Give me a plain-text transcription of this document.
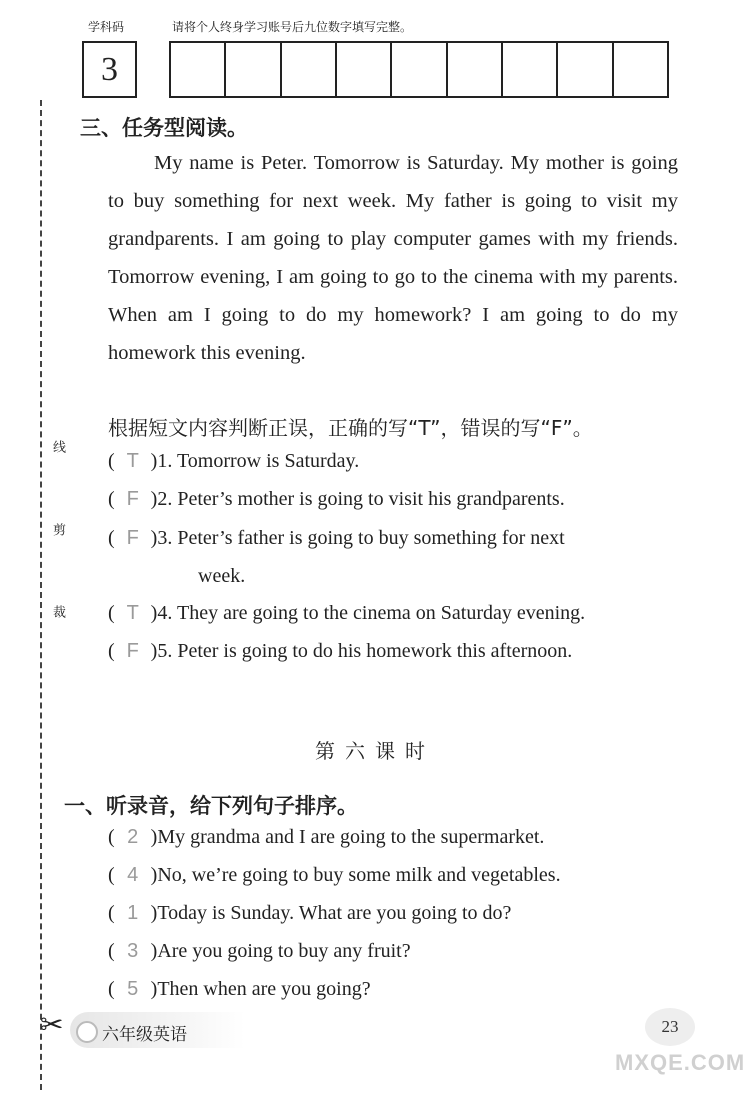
学科码	请将个人终身学习账号后九位数字填写完整。
3
线
剪
裁
三、任务型阅读。
My name is Peter. Tomorrow is Saturday. My mother is going to buy something for next week. My father is going to visit my grandparents. I am going to play computer games with my friends. Tomorrow evening, I am going to go to the cinema with my parents. When am I going to do my homework? I am going to do my homework this evening.
根据短文内容判断正误，正确的写“T”，错误的写“F”。
( T )1. Tomorrow is Saturday.
( F )2. Peter’s mother is going to visit his grandparents.
( F )3. Peter’s father is going to buy something for next
week.
( T )4. They are going to the cinema on Saturday evening.
( F )5. Peter is going to do his homework this afternoon.
第六课时
一、听录音，给下列句子排序。
( 2 )My grandma and I are going to the supermarket.
( 4 )No, we’re going to buy some milk and vegetables.
( 1 )Today is Sunday. What are you going to do?
( 3 )Are you going to buy any fruit?
( 5 )Then when are you going?
✂ 六年级英语	23
MXQE.COM
